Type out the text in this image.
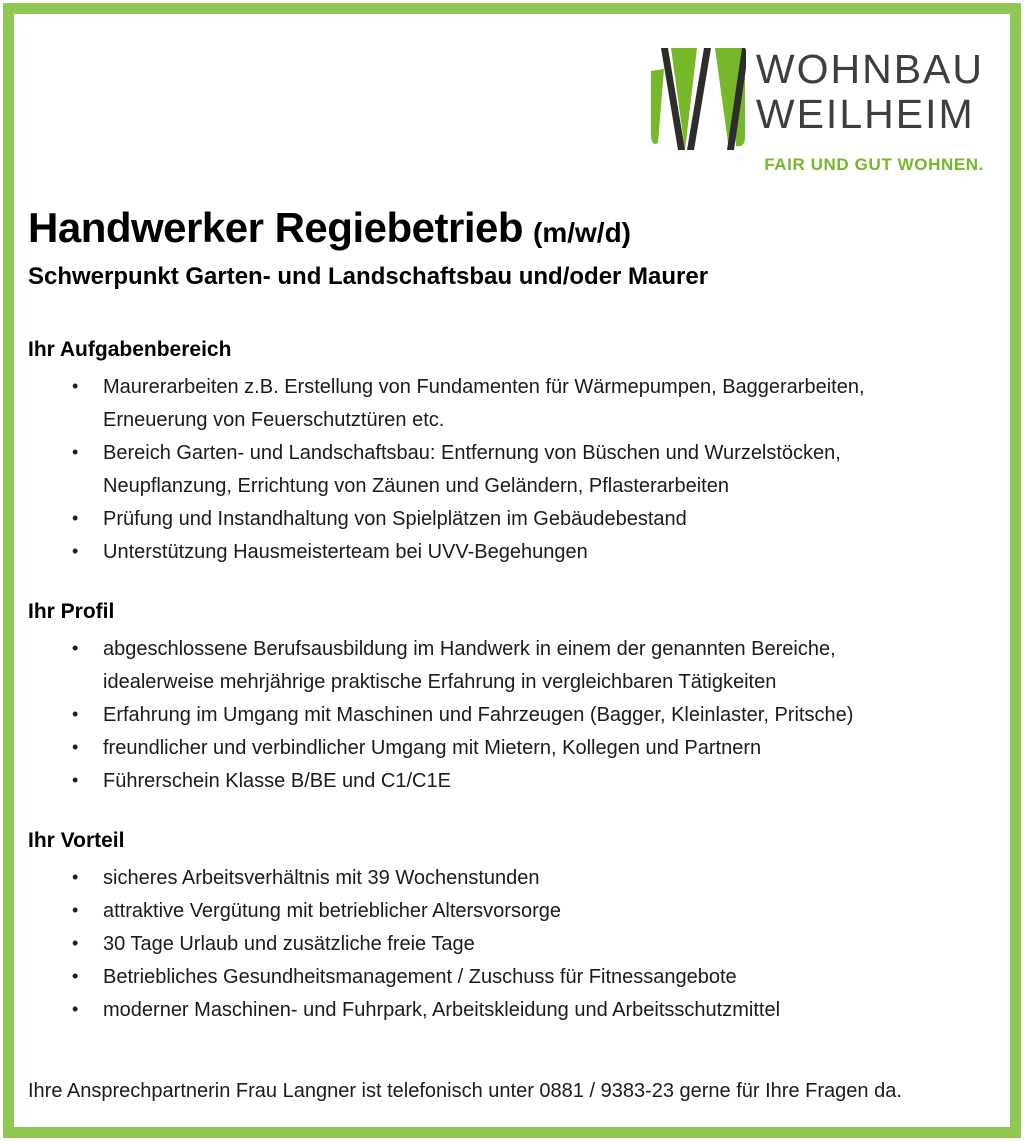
WOHNBAU
WEILHEIM
FAIR UND GUT WOHNEN.
Handwerker Regiebetrieb (m/w/d)
Schwerpunkt Garten- und Landschaftsbau und/oder Maurer
Ihr Aufgabenbereich
• Maurerarbeiten z.B. Erstellung von Fundamenten für Wärmepumpen, Baggerarbeiten, Erneuerung von Feuerschutztüren etc.
• Bereich Garten- und Landschaftsbau: Entfernung von Büschen und Wurzelstöcken, Neupflanzung, Errichtung von Zäunen und Geländern, Pflasterarbeiten
• Prüfung und Instandhaltung von Spielplätzen im Gebäudebestand
• Unterstützung Hausmeisterteam bei UVV-Begehungen
Ihr Profil
• abgeschlossene Berufsausbildung im Handwerk in einem der genannten Bereiche, idealerweise mehrjährige praktische Erfahrung in vergleichbaren Tätigkeiten
• Erfahrung im Umgang mit Maschinen und Fahrzeugen (Bagger, Kleinlaster, Pritsche)
• freundlicher und verbindlicher Umgang mit Mietern, Kollegen und Partnern
• Führerschein Klasse B/BE und C1/C1E
Ihr Vorteil
• sicheres Arbeitsverhältnis mit 39 Wochenstunden
• attraktive Vergütung mit betrieblicher Altersvorsorge
• 30 Tage Urlaub und zusätzliche freie Tage
• Betriebliches Gesundheitsmanagement / Zuschuss für Fitnessangebote
• moderner Maschinen- und Fuhrpark, Arbeitskleidung und Arbeitsschutzmittel
Ihre Ansprechpartnerin Frau Langner ist telefonisch unter 0881 / 9383-23 gerne für Ihre Fragen da.
